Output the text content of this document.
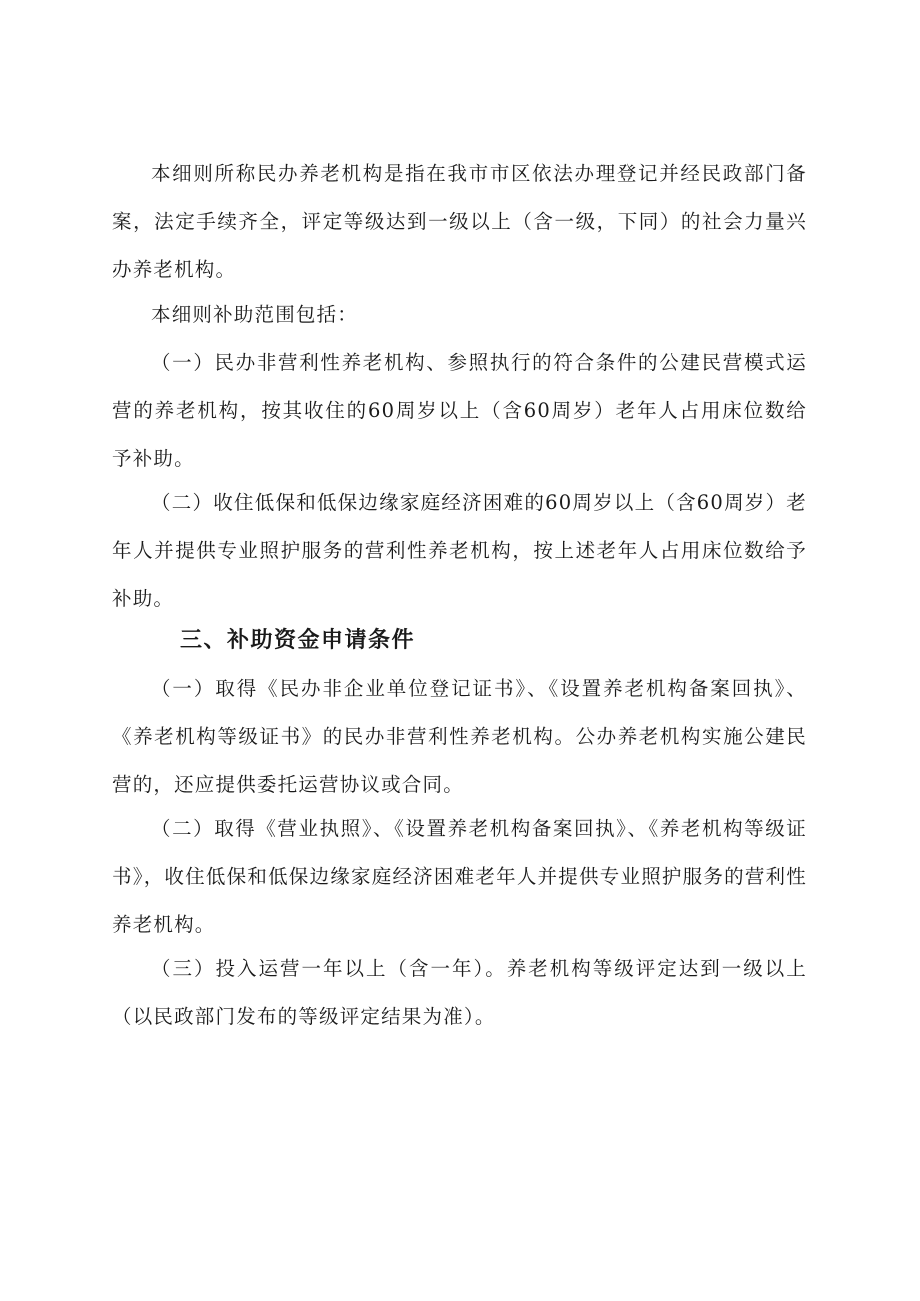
本细则所称民办养老机构是指在我市市区依法办理登记并经民政部门备案，法定手续齐全，评定等级达到一级以上（含一级，下同）的社会力量兴办养老机构。

本细则补助范围包括：

（一）民办非营利性养老机构、参照执行的符合条件的公建民营模式运营的养老机构，按其收住的60周岁以上（含60周岁）老年人占用床位数给予补助。

（二）收住低保和低保边缘家庭经济困难的60周岁以上（含60周岁）老年人并提供专业照护服务的营利性养老机构，按上述老年人占用床位数给予补助。

三、补助资金申请条件

（一）取得《民办非企业单位登记证书》、《设置养老机构备案回执》、《养老机构等级证书》的民办非营利性养老机构。公办养老机构实施公建民营的，还应提供委托运营协议或合同。

（二）取得《营业执照》、《设置养老机构备案回执》、《养老机构等级证书》，收住低保和低保边缘家庭经济困难老年人并提供专业照护服务的营利性养老机构。

（三）投入运营一年以上（含一年）。养老机构等级评定达到一级以上（以民政部门发布的等级评定结果为准）。
